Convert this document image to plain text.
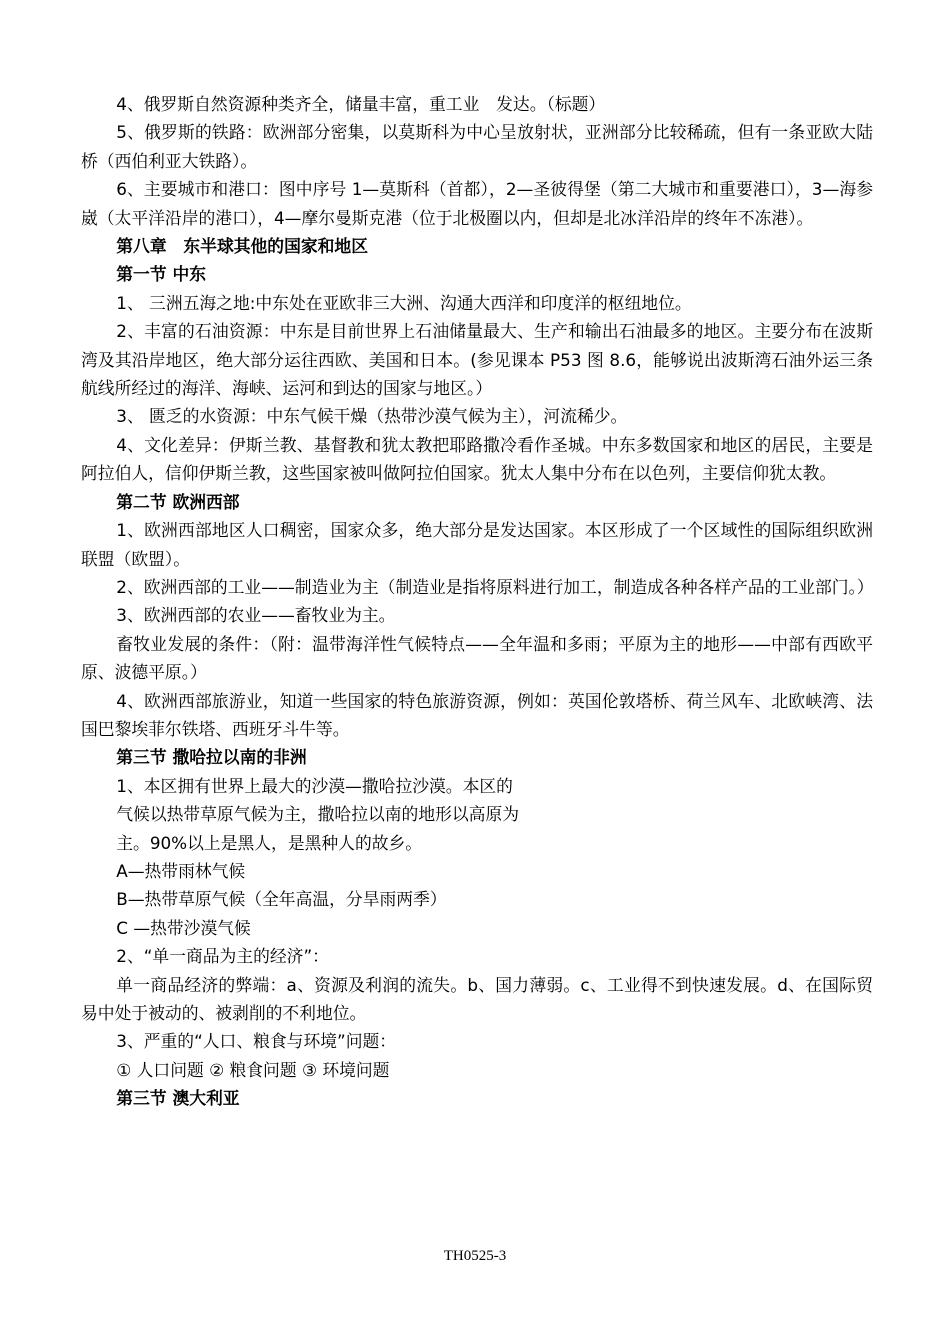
4、俄罗斯自然资源种类齐全，储量丰富，重工业　发达。（标题）

5、俄罗斯的铁路：欧洲部分密集，以莫斯科为中心呈放射状，亚洲部分比较稀疏，但有一条亚欧大陆桥（西伯利亚大铁路）。

6、主要城市和港口：图中序号 1—莫斯科（首都），2—圣彼得堡（第二大城市和重要港口），3—海参崴（太平洋沿岸的港口），4—摩尔曼斯克港（位于北极圈以内，但却是北冰洋沿岸的终年不冻港）。

第八章　东半球其他的国家和地区

第一节 中东

1、 三洲五海之地:中东处在亚欧非三大洲、沟通大西洋和印度洋的枢纽地位。

2、丰富的石油资源：中东是目前世界上石油储量最大、生产和输出石油最多的地区。主要分布在波斯湾及其沿岸地区，绝大部分运往西欧、美国和日本。(参见课本 P53 图 8.6，能够说出波斯湾石油外运三条航线所经过的海洋、海峡、运河和到达的国家与地区。）

3、 匮乏的水资源：中东气候干燥（热带沙漠气候为主），河流稀少。

4、文化差异：伊斯兰教、基督教和犹太教把耶路撒冷看作圣城。中东多数国家和地区的居民，主要是阿拉伯人，信仰伊斯兰教，这些国家被叫做阿拉伯国家。犹太人集中分布在以色列，主要信仰犹太教。

第二节 欧洲西部

1、欧洲西部地区人口稠密，国家众多，绝大部分是发达国家。本区形成了一个区域性的国际组织欧洲联盟（欧盟）。

2、欧洲西部的工业——制造业为主（制造业是指将原料进行加工，制造成各种各样产品的工业部门。）

3、欧洲西部的农业——畜牧业为主。

畜牧业发展的条件：（附：温带海洋性气候特点——全年温和多雨；平原为主的地形——中部有西欧平原、波德平原。）

4、欧洲西部旅游业，知道一些国家的特色旅游资源，例如：英国伦敦塔桥、荷兰风车、北欧峡湾、法国巴黎埃菲尔铁塔、西班牙斗牛等。

第三节 撒哈拉以南的非洲

1、本区拥有世界上最大的沙漠—撒哈拉沙漠。本区的

气候以热带草原气候为主，撒哈拉以南的地形以高原为

主。90%以上是黑人，是黑种人的故乡。

A—热带雨林气候

B—热带草原气候（全年高温，分旱雨两季）

C —热带沙漠气候

2、“单一商品为主的经济”：

单一商品经济的弊端：a、资源及利润的流失。b、国力薄弱。c、工业得不到快速发展。d、在国际贸易中处于被动的、被剥削的不利地位。

3、严重的“人口、粮食与环境”问题：

① 人口问题 ② 粮食问题 ③ 环境问题

第三节 澳大利亚

TH0525-3
